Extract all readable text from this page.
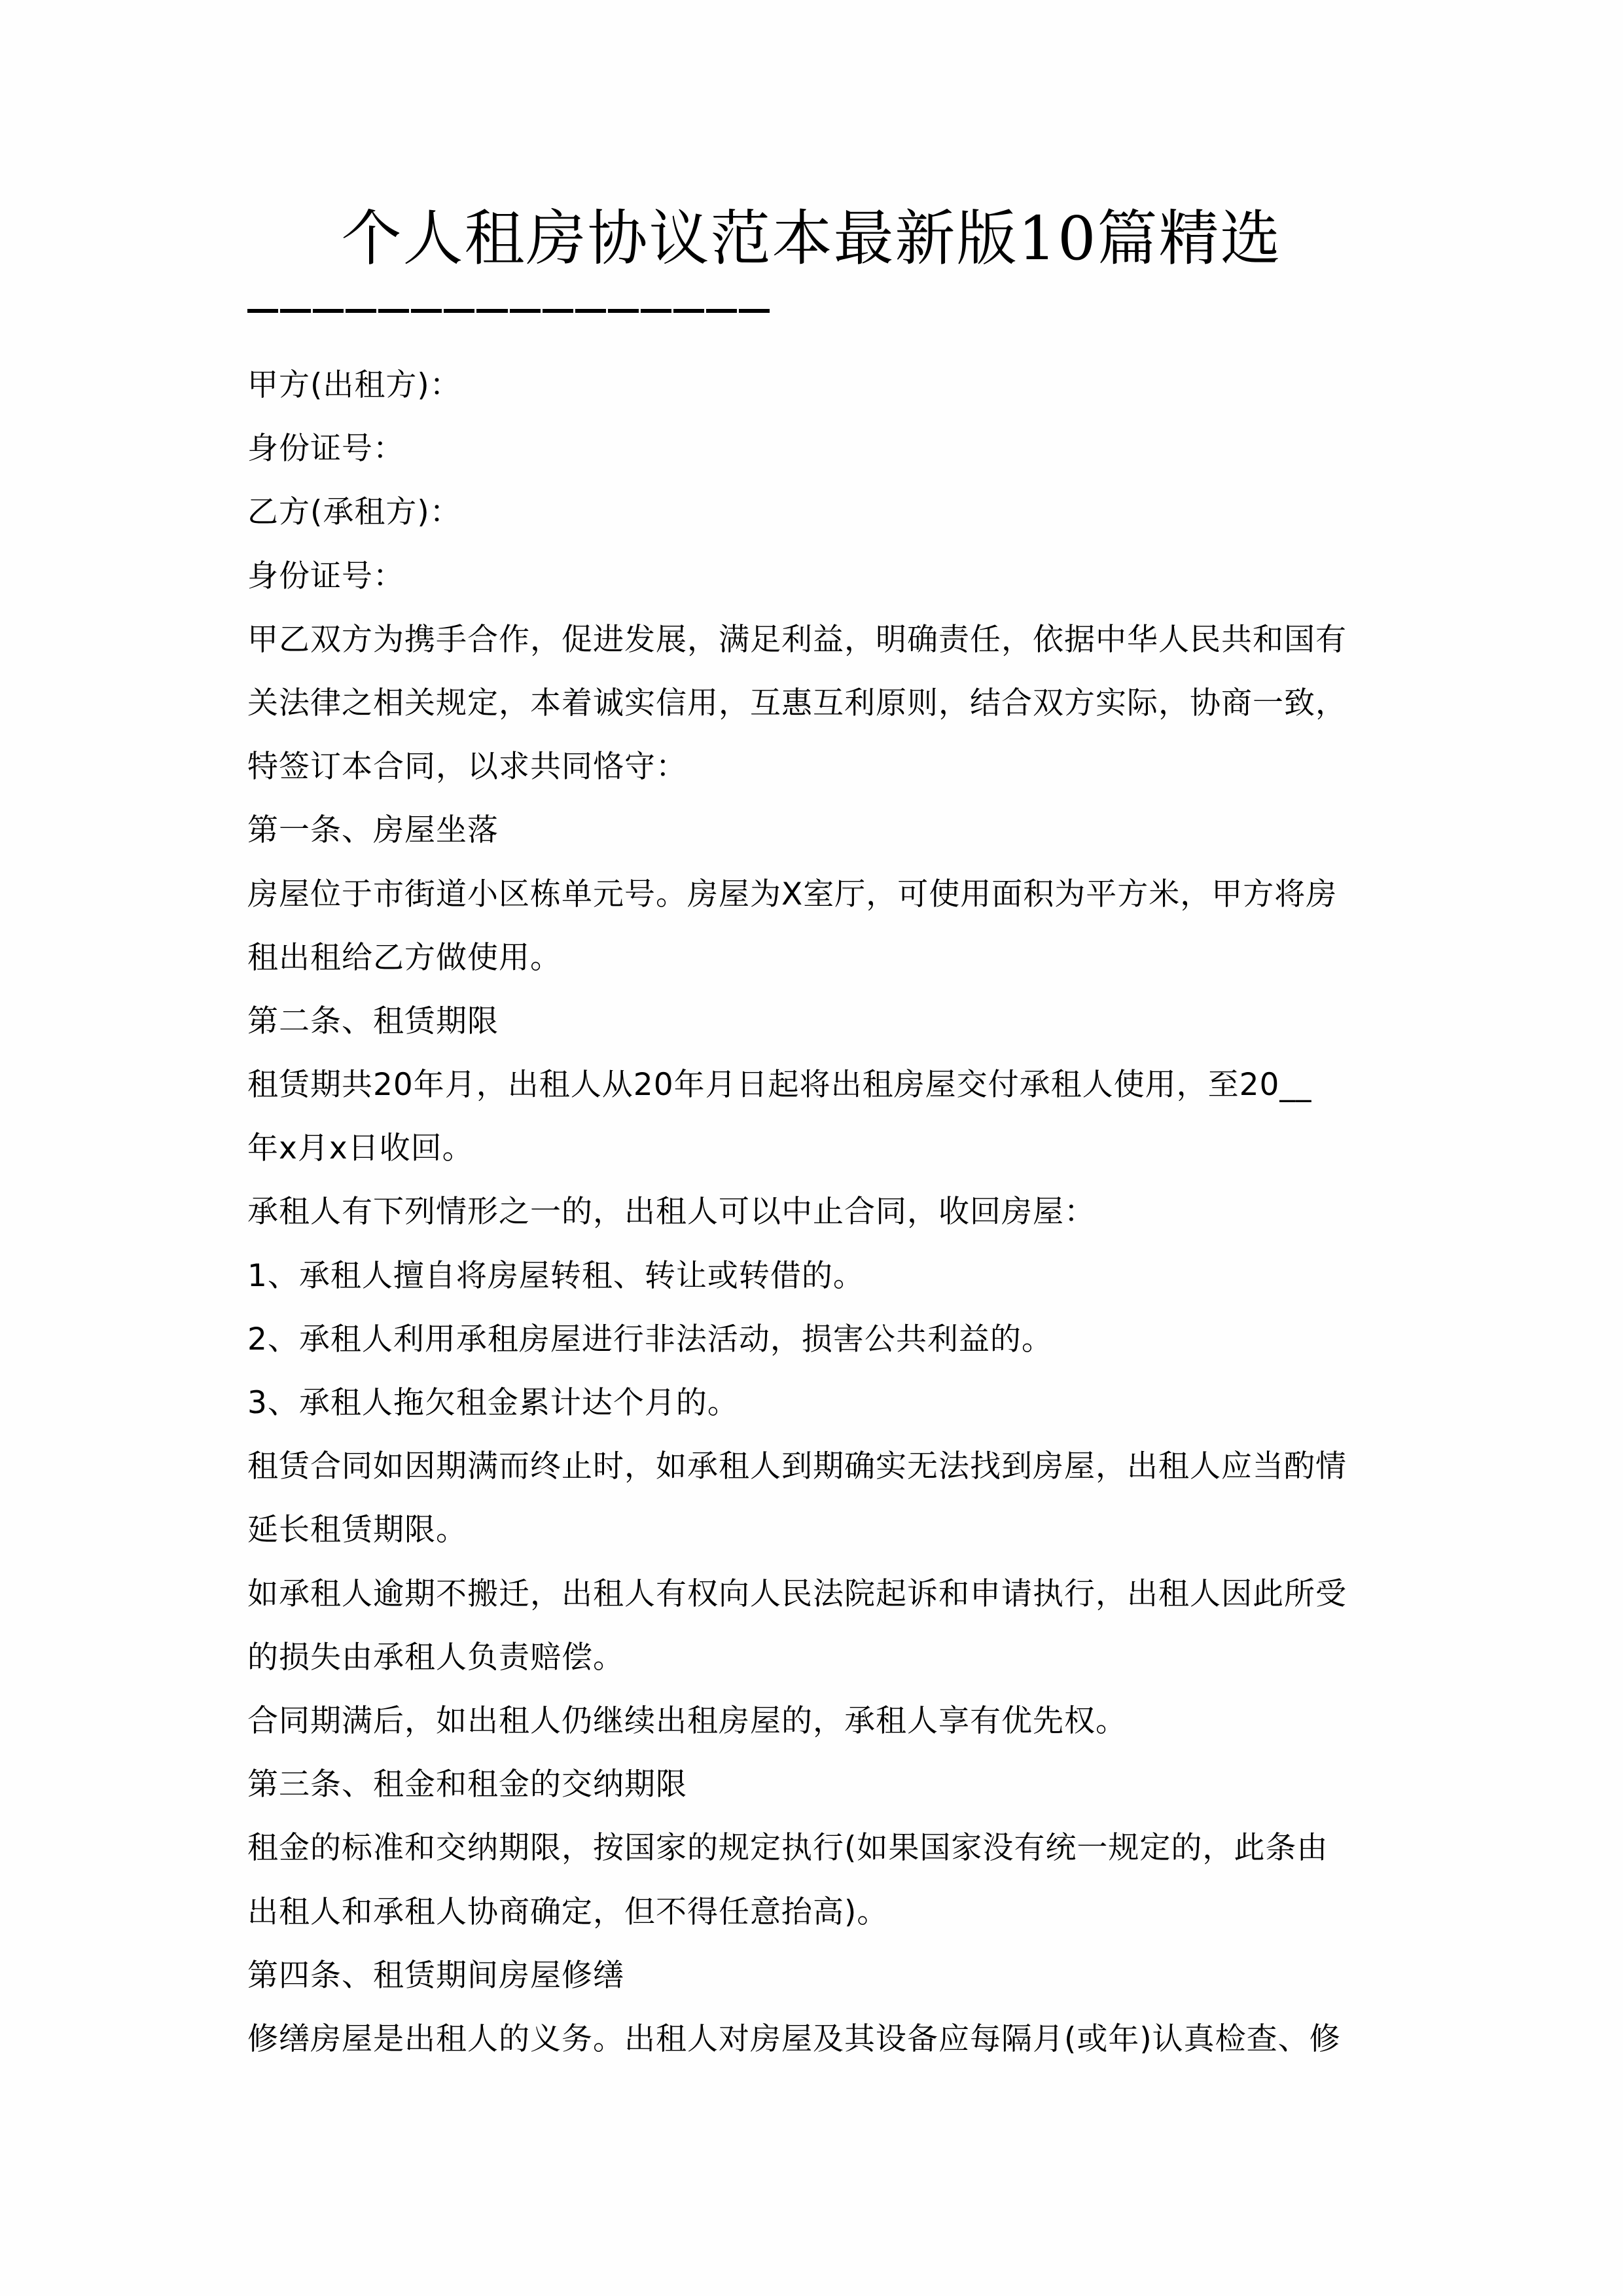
个人租房协议范本最新版10篇精选
甲方(出租方)：
身份证号：
乙方(承租方)：
身份证号：
甲乙双方为携手合作，促进发展，满足利益，明确责任，依据中华人民共和国有
关法律之相关规定，本着诚实信用，互惠互利原则，结合双方实际，协商一致，
特签订本合同，以求共同恪守：
第一条、房屋坐落
房屋位于市街道小区栋单元号。房屋为X室厅，可使用面积为平方米，甲方将房
租出租给乙方做使用。
第二条、租赁期限
租赁期共20年月，出租人从20年月日起将出租房屋交付承租人使用，至20__
年x月x日收回。
承租人有下列情形之一的，出租人可以中止合同，收回房屋：
1、承租人擅自将房屋转租、转让或转借的。
2、承租人利用承租房屋进行非法活动，损害公共利益的。
3、承租人拖欠租金累计达个月的。
租赁合同如因期满而终止时，如承租人到期确实无法找到房屋，出租人应当酌情
延长租赁期限。
如承租人逾期不搬迁，出租人有权向人民法院起诉和申请执行，出租人因此所受
的损失由承租人负责赔偿。
合同期满后，如出租人仍继续出租房屋的，承租人享有优先权。
第三条、租金和租金的交纳期限
租金的标准和交纳期限，按国家的规定执行(如果国家没有统一规定的，此条由
出租人和承租人协商确定，但不得任意抬高)。
第四条、租赁期间房屋修缮
修缮房屋是出租人的义务。出租人对房屋及其设备应每隔月(或年)认真检查、修
